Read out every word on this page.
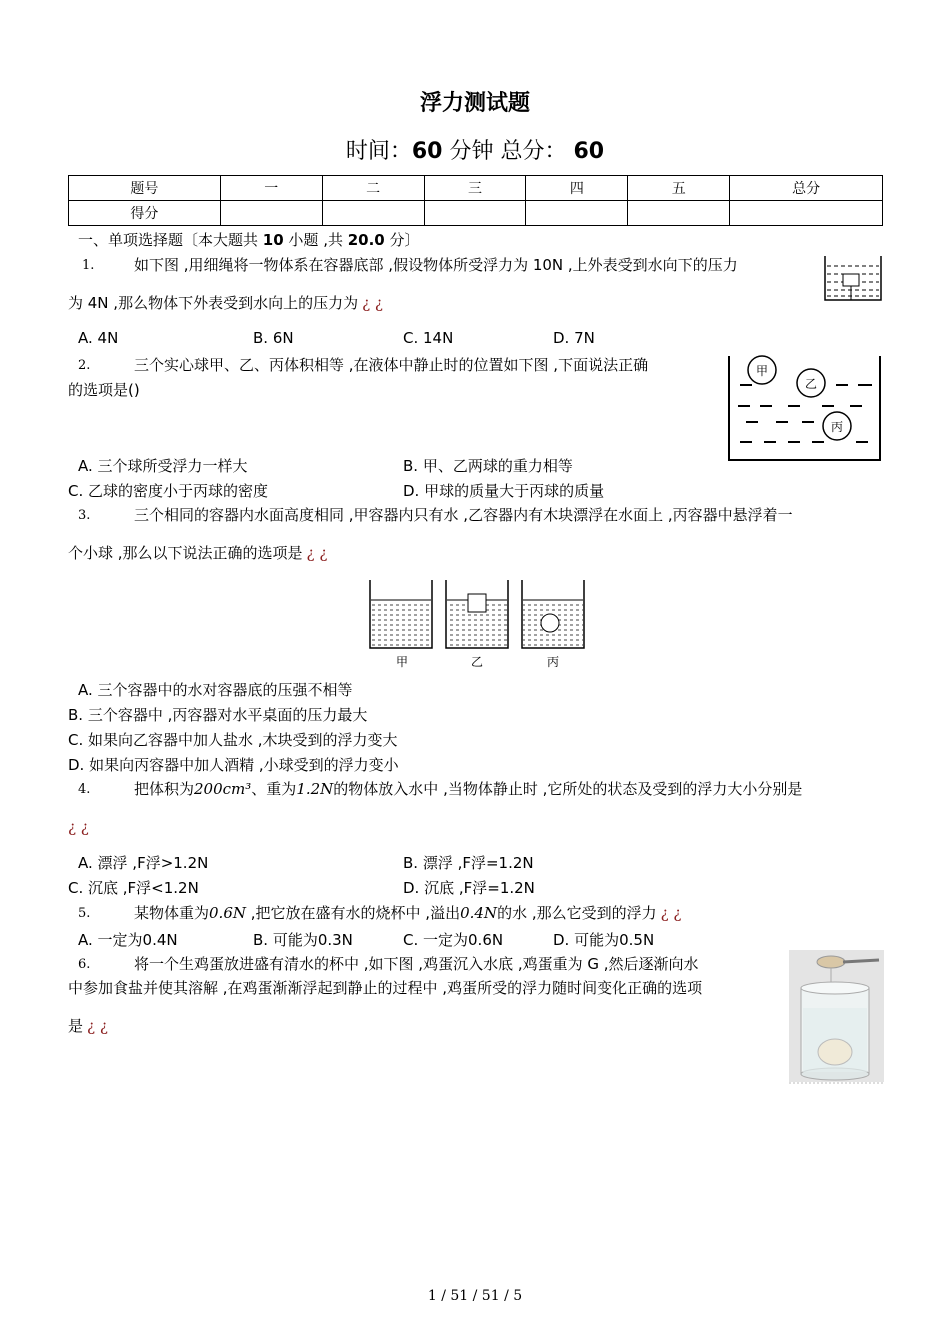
浮力测试题
时间：60 分钟 总分： 60
题号	一	二	三	四	五	总分
得分						
一、单项选择题〔本大题共 10 小题 ,共 20.0 分〕
1.	如下图 ,用细绳将一物体系在容器底部 ,假设物体所受浮力为 10N ,上外表受到水向下的压力
为 4N ,那么物体下外表受到水向上的压力为 ¿ ¿
A. 4N	B. 6N	C. 14N	D. 7N
2.	三个实心球甲、乙、丙体积相等 ,在液体中静止时的位置如下图 ,下面说法正确
的选项是()
甲
乙
丙
A. 三个球所受浮力一样大	B. 甲、乙两球的重力相等
C. 乙球的密度小于丙球的密度	D. 甲球的质量大于丙球的质量
3.	三个相同的容器内水面高度相同 ,甲容器内只有水 ,乙容器内有木块漂浮在水面上 ,丙容器中悬浮着一
个小球 ,那么以下说法正确的选项是 ¿ ¿
甲	乙	丙
A. 三个容器中的水对容器底的压强不相等
B. 三个容器中 ,丙容器对水平桌面的压力最大
C. 如果向乙容器中加人盐水 ,木块受到的浮力变大
D. 如果向丙容器中加人酒精 ,小球受到的浮力变小
4.	把体积为200cm³、重为1.2N的物体放入水中 ,当物体静止时 ,它所处的状态及受到的浮力大小分别是
¿ ¿
A. 漂浮 ,F浮>1.2N	B. 漂浮 ,F浮=1.2N
C. 沉底 ,F浮<1.2N	D. 沉底 ,F浮=1.2N
5.	某物体重为0.6N ,把它放在盛有水的烧杯中 ,溢出0.4N的水 ,那么它受到的浮力 ¿ ¿
A. 一定为0.4N	B. 可能为0.3N	C. 一定为0.6N	D. 可能为0.5N
6.	将一个生鸡蛋放进盛有清水的杯中 ,如下图 ,鸡蛋沉入水底 ,鸡蛋重为 G ,然后逐渐向水
中参加食盐并使其溶解 ,在鸡蛋渐渐浮起到静止的过程中 ,鸡蛋所受的浮力随时间变化正确的选项
是 ¿ ¿
1 / 51 / 51 / 5
